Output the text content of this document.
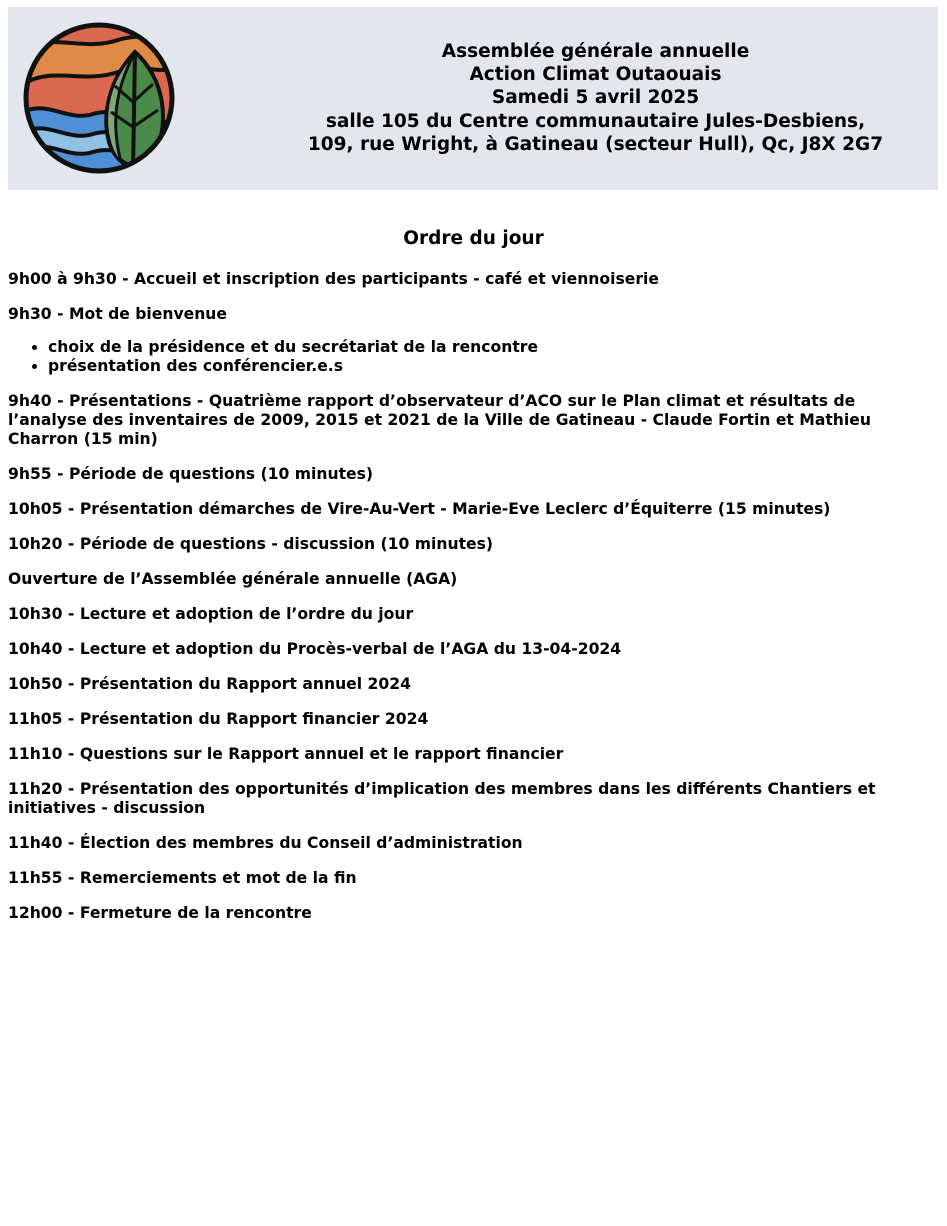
Assemblée générale annuelle
Action Climat Outaouais
Samedi 5 avril 2025
salle 105 du Centre communautaire Jules-Desbiens,
109, rue Wright, à Gatineau (secteur Hull), Qc, J8X 2G7
Ordre du jour

9h00 à 9h30 - Accueil et inscription des participants - café et viennoiserie

9h30 - Mot de bienvenue

• choix de la présidence et du secrétariat de la rencontre
• présentation des conférencier.e.s

9h40 - Présentations - Quatrième rapport d’observateur d’ACO sur le Plan climat et résultats de l’analyse des inventaires de 2009, 2015 et 2021 de la Ville de Gatineau - Claude Fortin et Mathieu Charron (15 min)

9h55 - Période de questions (10 minutes)

10h05 - Présentation démarches de Vire-Au-Vert - Marie-Eve Leclerc d’Équiterre (15 minutes)

10h20 - Période de questions - discussion (10 minutes)

Ouverture de l’Assemblée générale annuelle (AGA)

10h30 - Lecture et adoption de l’ordre du jour

10h40 - Lecture et adoption du Procès-verbal de l’AGA du 13-04-2024

10h50 - Présentation du Rapport annuel 2024

11h05 - Présentation du Rapport financier 2024

11h10 - Questions sur le Rapport annuel et le rapport financier

11h20 - Présentation des opportunités d’implication des membres dans les différents Chantiers et initiatives - discussion

11h40 - Élection des membres du Conseil d’administration

11h55 - Remerciements et mot de la fin

12h00 - Fermeture de la rencontre
